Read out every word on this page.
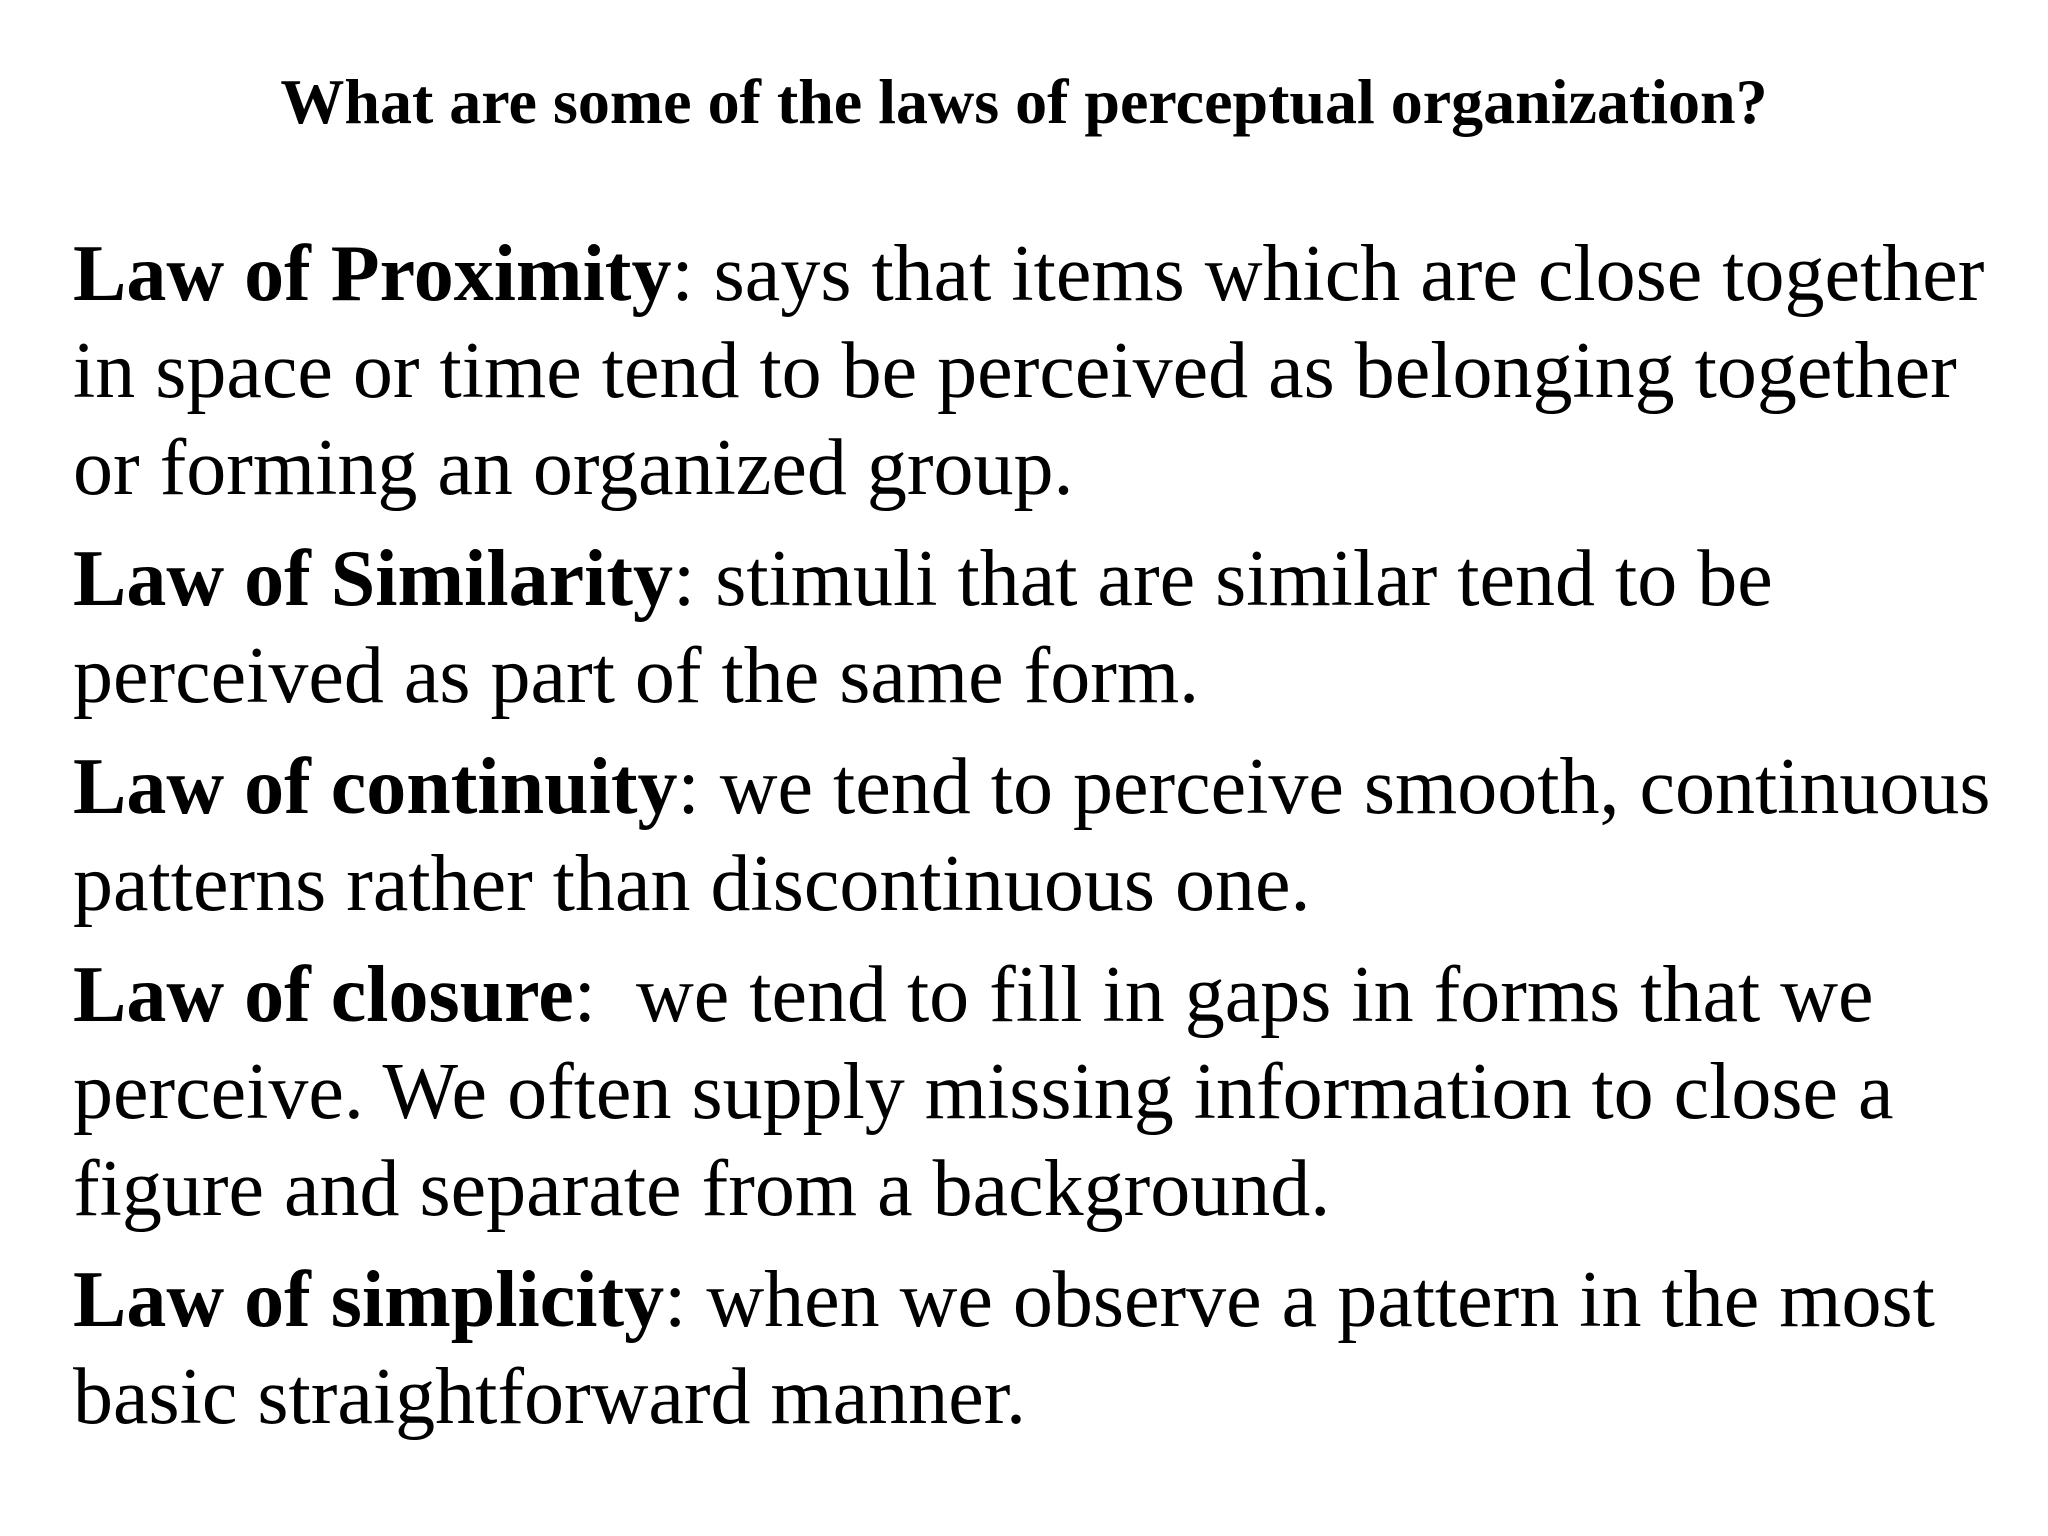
What are some of the laws of perceptual organization?
Law of Proximity: says that items which are close together in space or time tend to be perceived as belonging together or forming an organized group.
Law of Similarity: stimuli that are similar tend to be perceived as part of the same form.
Law of continuity: we tend to perceive smooth, continuous patterns rather than discontinuous one.
Law of closure:  we tend to fill in gaps in forms that we perceive. We often supply missing information to close a figure and separate from a background.
Law of simplicity: when we observe a pattern in the most basic straightforward manner.
